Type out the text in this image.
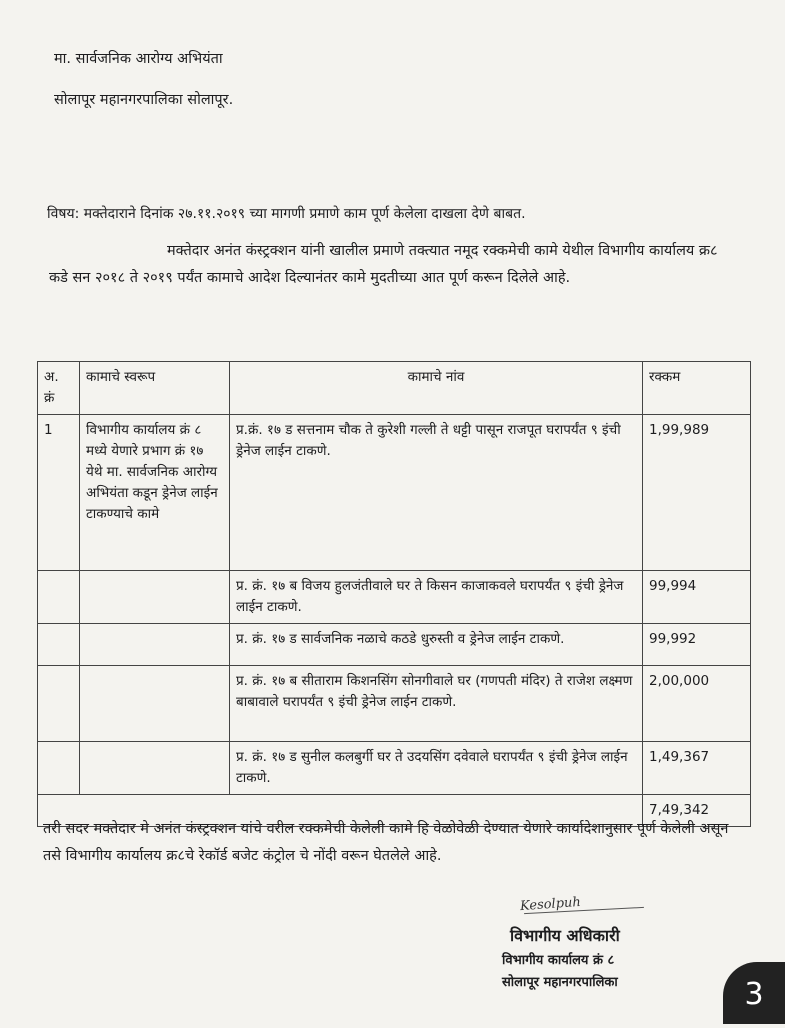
मा. सार्वजनिक आरोग्य अभियंता
सोलापूर महानगरपालिका सोलापूर.
विषय: मक्तेदाराने दिनांक २७.११.२०१९ च्या मागणी प्रमाणे काम पूर्ण केलेला दाखला देणे बाबत.
मक्तेदार अनंत कंस्ट्रक्शन यांनी खालील प्रमाणे तक्त्यात नमूद रक्कमेची कामे येथील विभागीय कार्यालय क्र८ कडे सन २०१८ ते २०१९ पर्यंत कामाचे आदेश दिल्यानंतर कामे मुदतीच्या आत पूर्ण करून दिलेले आहे.
अ. क्रं	कामाचे स्वरूप	कामाचे नांव	रक्कम
1	विभागीय कार्यालय क्रं ८ मध्ये येणारे प्रभाग क्रं १७ येथे मा. सार्वजनिक आरोग्य अभियंता कडून ड्रेनेज लाईन टाकण्याचे कामे	प्र.क्रं. १७ ड सत्तनाम चौक ते कुरेशी गल्ली ते धट्टी पासून राजपूत घरापर्यंत ९ इंची ड्रेनेज लाईन टाकणे.	1,99,989
		प्र. क्रं. १७ ब विजय हुलजंतीवाले घर ते किसन काजाकवले घरापर्यंत ९ इंची ड्रेनेज लाईन टाकणे.	99,994
		प्र. क्रं. १७ ड सार्वजनिक नळाचे कठडे धुरुस्ती व ड्रेनेज लाईन टाकणे.	99,992
		प्र. क्रं. १७ ब सीताराम किशनसिंग सोनगीवाले घर (गणपती मंदिर) ते राजेश लक्ष्मण बाबावाले घरापर्यंत ९ इंची ड्रेनेज लाईन टाकणे.	2,00,000
		प्र. क्रं. १७ ड सुनील कलबुर्गी घर ते उदयसिंग दवेवाले घरापर्यंत ९ इंची ड्रेनेज लाईन टाकणे.	1,49,367
			7,49,342
तरी सदर मक्तेदार मे अनंत कंस्ट्रक्शन यांचे वरील रक्कमेची केलेली कामे हि वेळोवेळी देण्यात येणारे कार्यादेशानुसार पूर्ण केलेली असून तसे विभागीय कार्यालय क्र८चे रेकॉर्ड बजेट कंट्रोल चे नोंदी वरून घेतलेले आहे.
Kesolpuh
विभागीय अधिकारी
विभागीय कार्यालय क्रं ८
सोलापूर महानगरपालिका	3
